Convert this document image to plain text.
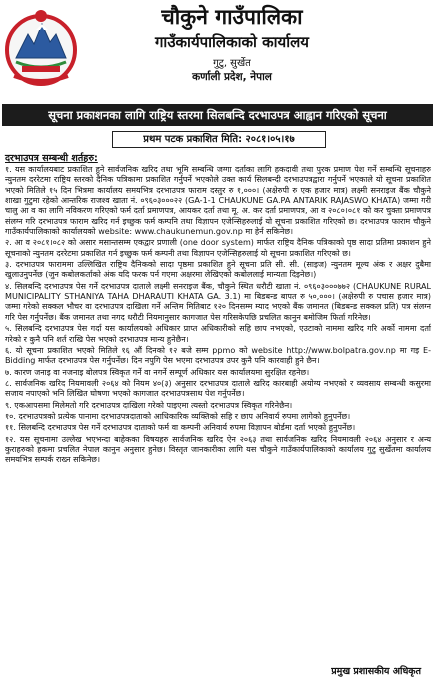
चौकुने गाउँपालिका
गाउँकार्यपालिकाको कार्यालय
गुटु, सुर्खेत
कर्णाली प्रदेश, नेपाल
सूचना प्रकाशनका लागि राष्ट्रिय स्तरमा सिलबन्दि दरभाउपत्र आह्वान गरिएको सूचना
प्रथम पटक प्रकाशित मिति: २०८१।०५।१७
दरभाउपत्र सम्बन्धी शर्तहरु:
१. यस कार्यालयबाट प्रकाशित हुने सार्वजनिक खरिद तथा भूमि सम्बन्धि जग्गा दर्ताका लागि हकदावी तथा पुरक प्रमाण पेश गर्ने सम्बन्धि सूचनाहरु न्युनतम दररेटमा राष्ट्रिय स्तरको दैनिक पत्रिकामा प्रकाशित गर्नुपर्ने भएकोले उक्त कार्य सिलबन्दी दरभाउपत्रद्वारा गर्नुपर्ने भएकाले यो सूचना प्रकाशित भएको मितिले १५ दिन भित्रमा कार्यालय समयभित्र दरभाउपत्र फाराम दस्तुर रु १,०००। (अक्षेरुपी रु एक हजार मात्र) लक्ष्मी सनराइज बैंक चौकुने शाखा गुटुमा रहेको आन्तरिक राजश्व खाता नं. ०९६०३०००२२ (GA-1-1 CHAUKUNE GA.PA ANTARIK RAJASWO KHATA) जम्मा गरी चालु आ व का लागि नविकरण गरिएको फर्म दर्ता प्रमाणपत्र, आयकर दर्ता तथा मू. अ. कर दर्ता प्रमाणपत्र, आ व २०८०।०८१ को कर चुक्ता प्रमाणपत्र संलग्न गरि दरभाउपत्र फाराम खरिद गर्न इच्छुक फर्म कम्पनि तथा विज्ञापन एजेन्सिहरुलाई यो सूचना प्रकाशित गरिएको छ। दरभाउपत्र फाराम चौकुने गाउँकार्यपालिकाको कार्यालयको website: www.chaukunemun.gov.np मा हेर्न सकिनेछ।
२. आ व २०८१।०८२ को असार मसान्तसम्म एकद्वार प्रणाली (one door system) मार्फत राष्ट्रिय दैनिक पत्रिकाको पृष्ठ सादा प्रतिमा प्रकाशन हुने सूचनाको न्युनतम दररेटमा प्रकाशित गर्न इच्छुक फर्म कम्पनी तथा विज्ञापन एजेन्सिहरुलाई यो सूचना प्रकाशित गरिएको छ।
३. दरभाउपत्र फाराममा उल्लिखित राष्ट्रिय दैनिकको सादा पृष्ठमा प्रकाशित हुने सूचना प्रति सी. सी. (साइज) न्युनतम मूल्य अंक र अक्षर दुबैमा खुलाउनुपर्नेछ (जुन कबोलकर्ताको अंक यदि फरक पर्न गएमा अक्षरमा लेखिएको कबोललाई मान्यता दिइनेछ।)
४. सिलबन्दि दरभाउपत्र पेस गर्ने दरभाउपत्र दाताले लक्ष्मी सनराइज बैंक, चौकुने स्थित धरौटी खाता नं. ०९६०३०००७७२ (CHAUKUNE RURAL MUNICIPALITY STHANIYA TAHA DHARAUTI KHATA GA. 3.1) मा बिडबन्ड बापत रु ५०,०००। (अक्षेरुपी रु पचास हजार मात्र) जम्मा गरेको सक्कल भौचर वा दरभाउपत्र दाखिला गर्ने अन्तिम मितिबाट १२० दिनसम्म म्याद भएको बैंक जमानत (बिडबन्ड सक्कल प्रति) पत्र संलग्न गरि पेस गर्नुपर्नेछ। बैंक जमानत तथा नगद धरौटी नियमानुसार कागजात पेस गरिसकेपछि प्रचलित कानुन बमोजिम फिर्ता गरिनेछ।
५. सिलबन्दि दरभाउपत्र पेस गर्दा यस कार्यालयको अधिकार प्राप्त अधिकारीको सहि छाप नभएको, एउटाको नाममा खरिद गरि अर्को नाममा दर्ता गरेको र कुनै पनि शर्त राखि पेस भएको दरभाउपत्र मान्य हुनेछैन।
६. यो सूचना प्रकाशित भएको मितिले १६ औं दिनको १२ बजे सम्म ppmo को website http://www.bolpatra.gov.np मा गइ E-Bidding मार्फत दरभाउपत्र पेस गर्नुपर्नेछ। दिन नपुगि पेस भएमा दरभाउपत्र उपर कुनै पनि कारवाही हुने छैन।
७. कारण जनाइ वा नजनाइ बोलपत्र स्विकृत गर्ने वा नगर्ने सम्पूर्ण अधिकार यस कार्यालयमा सुरक्षित रहनेछ।
८. सार्वजनिक खरिद नियमावली २०६४ को नियम ४०(३) अनुसार दरभाउपत्र दाताले खरिद कारबाही अयोग्य नभएको र व्यवसाय सम्बन्धी कसुरमा सजाय नपाएको भनि लिखित घोषणा भएको कागजात दरभाउपत्रसाथ पेश गर्नुपर्नेछ।
९. एकआपसमा मिलेमतो गरि दरभाउपत्र दाखिला गरेको पाइएमा त्यस्तो दरभाउपत्र स्विकृत गरिनेछैन।
१०. दरभाउपत्रको प्रत्येक पानामा दरभाउपत्रदाताको आधिकारिक व्यक्तिको सहि र छाप अनिवार्य रुपमा लागेको हुनुपर्नेछ।
११. सिलबन्दि दरभाउपत्र पेस गर्ने दरभाउपत्र दाताको फर्म वा कम्पनी अनिवार्य रुपमा विज्ञापन बोर्डमा दर्ता भएको हुनुपर्नेछ।
१२. यस सूचनामा उल्लेख भएभन्दा बाहेकका विषयहरु सार्वजनिक खरिद ऐन २०६३ तथा सार्वजनिक खरिद नियमावली २०६४ अनुसार र अन्य कुराहरुको हकमा प्रचलित नेपाल कानुन अनुसार हुनेछ। विस्तृत जानकारीका लागि यस चौकुने गाउँकार्यपालिकाको कार्यालय गुटु सुर्खेतमा कार्यालय समयभित्र सम्पर्क राख्न सकिनेछ।
प्रमुख प्रशासकीय अधिकृत
